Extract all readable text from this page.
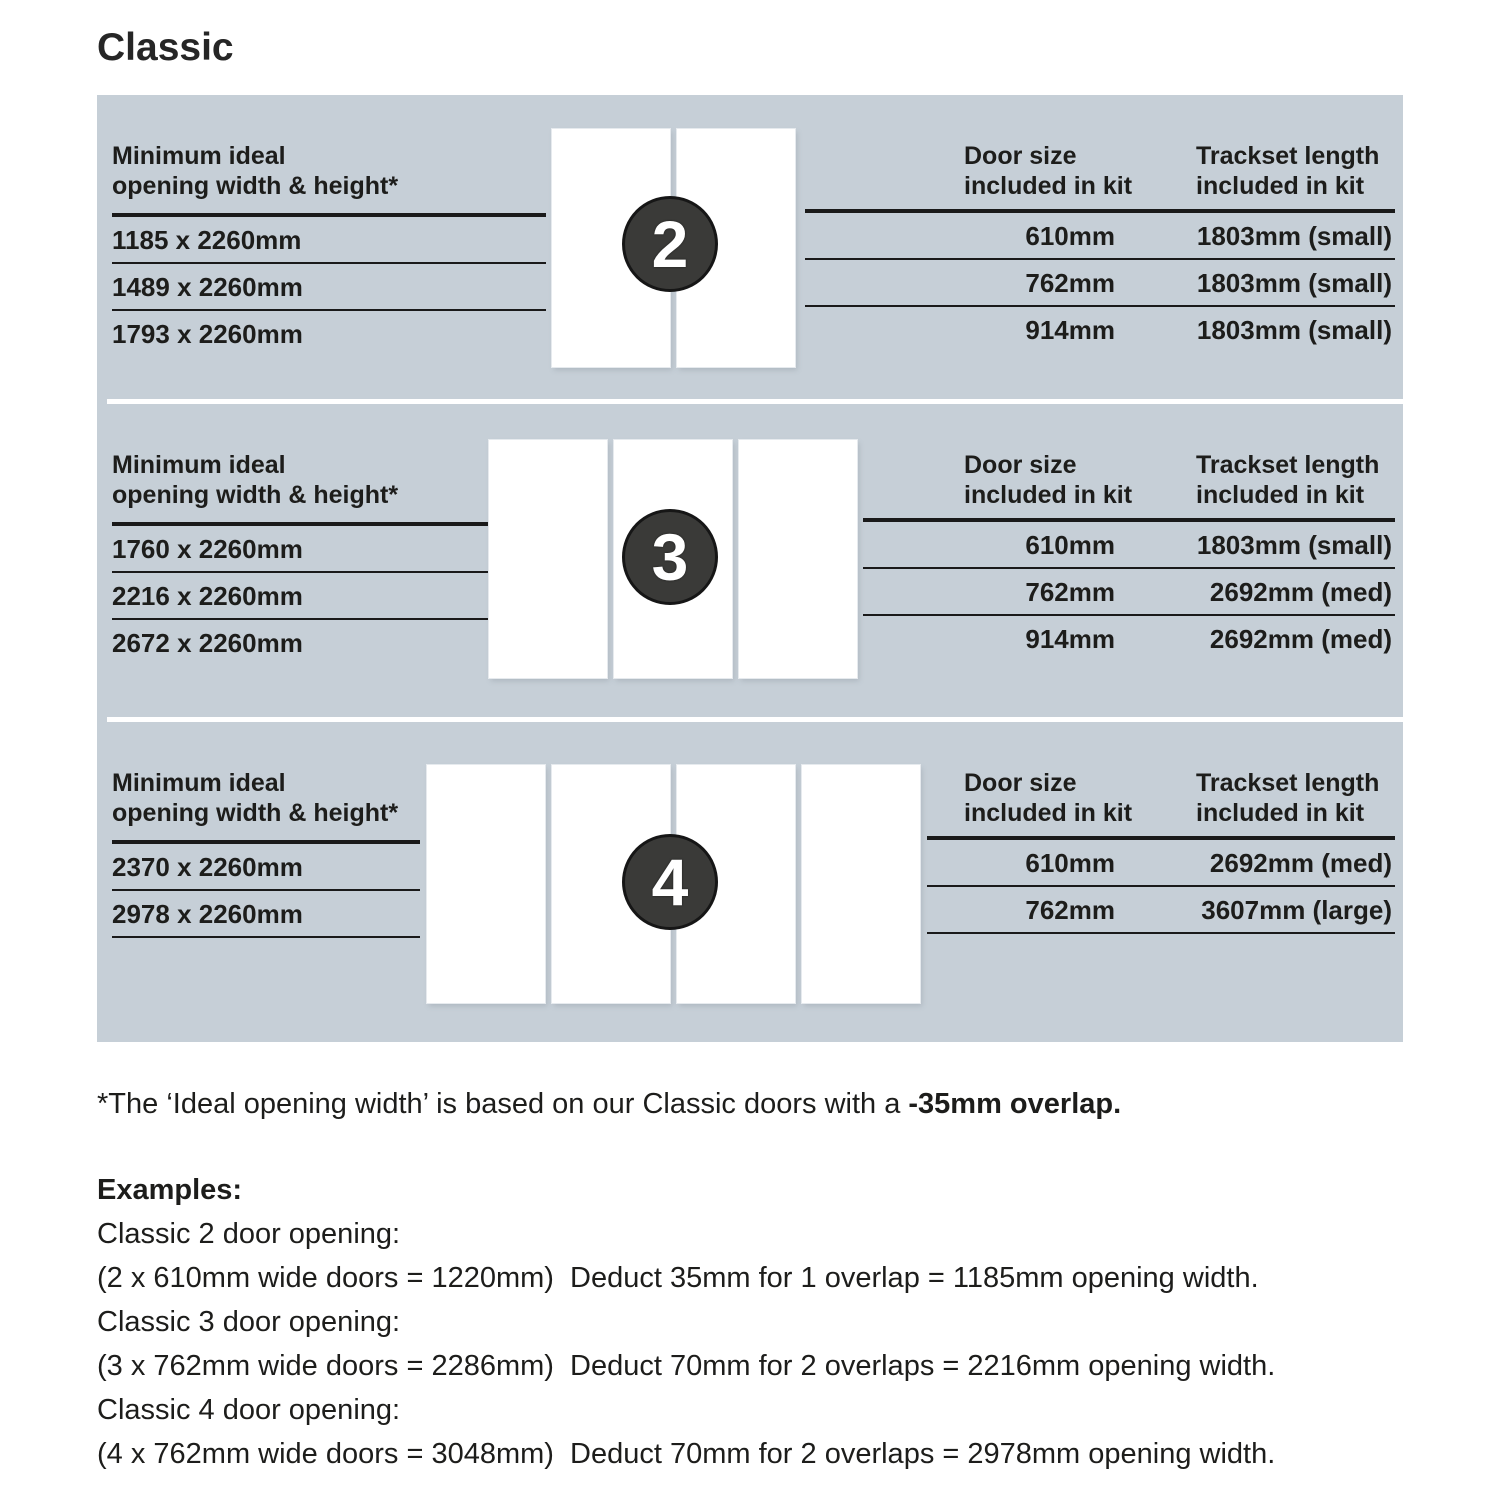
Classic
Minimum ideal
opening width & height*
1185 x 2260mm
1489 x 2260mm
1793 x 2260mm
2
Door size
included in kit
Trackset length
included in kit
610mm	1803mm (small)
762mm	1803mm (small)
914mm	1803mm (small)
Minimum ideal
opening width & height*
1760 x 2260mm
2216 x 2260mm
2672 x 2260mm
3
Door size
included in kit
Trackset length
included in kit
610mm	1803mm (small)
762mm	2692mm (med)
914mm	2692mm (med)
Minimum ideal
opening width & height*
2370 x 2260mm
2978 x 2260mm	4
Door size
included in kit
Trackset length
included in kit
610mm	2692mm (med)
762mm	3607mm (large)

*The ‘Ideal opening width’ is based on our Classic doors with a -35mm overlap.

Examples:
Classic 2 door opening:
(2 x 610mm wide doors = 1220mm)  Deduct 35mm for 1 overlap = 1185mm opening width.
Classic 3 door opening:
(3 x 762mm wide doors = 2286mm)  Deduct 70mm for 2 overlaps = 2216mm opening width.
Classic 4 door opening:
(4 x 762mm wide doors = 3048mm)  Deduct 70mm for 2 overlaps = 2978mm opening width.
